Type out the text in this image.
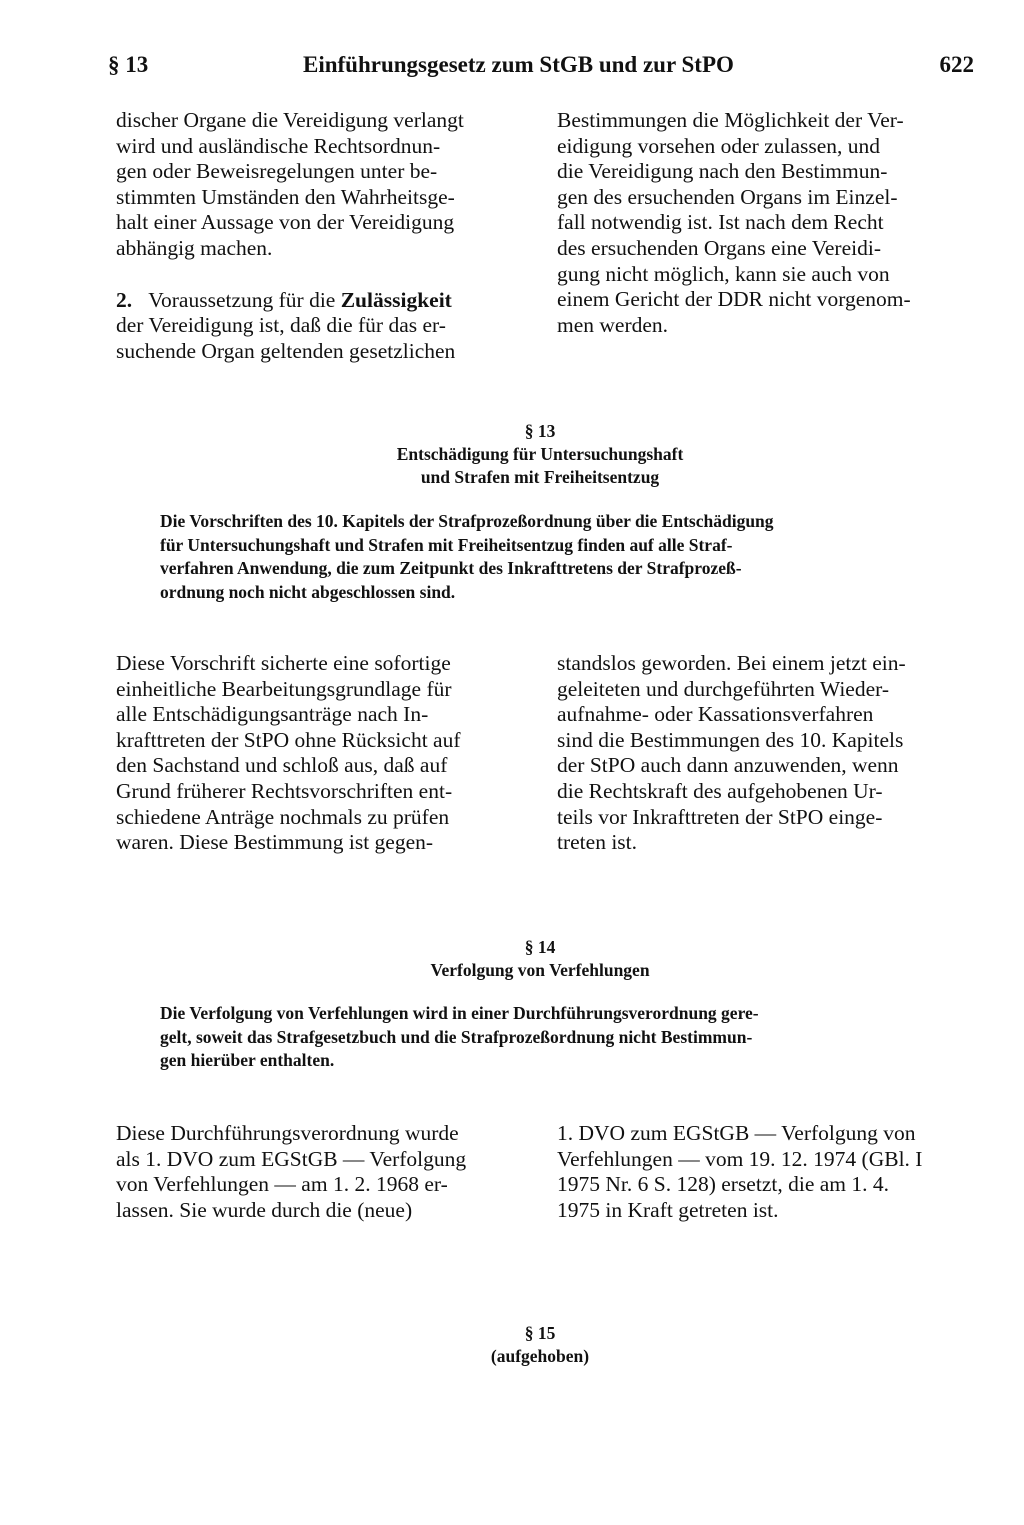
§ 13	Einführungsgesetz zum StGB und zur StPO	622

discher Organe die Vereidigung verlangt
wird und ausländische Rechtsordnun-
gen oder Beweisregelungen unter be-
stimmten Umständen den Wahrheitsge-
halt einer Aussage von der Vereidigung
abhängig machen.

2. Voraussetzung für die Zulässigkeit
der Vereidigung ist, daß die für das er-
suchende Organ geltenden gesetzlichen

Bestimmungen die Möglichkeit der Ver-
eidigung vorsehen oder zulassen, und
die Vereidigung nach den Bestimmun-
gen des ersuchenden Organs im Einzel-
fall notwendig ist. Ist nach dem Recht
des ersuchenden Organs eine Vereidi-
gung nicht möglich, kann sie auch von
einem Gericht der DDR nicht vorgenom-
men werden.

§ 13
Entschädigung für Untersuchungshaft
und Strafen mit Freiheitsentzug
Die Vorschriften des 10. Kapitels der Strafprozeßordnung über die Entschädigung
für Untersuchungshaft und Strafen mit Freiheitsentzug finden auf alle Straf-
verfahren Anwendung, die zum Zeitpunkt des Inkrafttretens der Strafprozeß-
ordnung noch nicht abgeschlossen sind.

Diese Vorschrift sicherte eine sofortige
einheitliche Bearbeitungsgrundlage für
alle Entschädigungsanträge nach In-
krafttreten der StPO ohne Rücksicht auf
den Sachstand und schloß aus, daß auf
Grund früherer Rechtsvorschriften ent-
schiedene Anträge nochmals zu prüfen
waren. Diese Bestimmung ist gegen-

standslos geworden. Bei einem jetzt ein-
geleiteten und durchgeführten Wieder-
aufnahme- oder Kassationsverfahren
sind die Bestimmungen des 10. Kapitels
der StPO auch dann anzuwenden, wenn
die Rechtskraft des aufgehobenen Ur-
teils vor Inkrafttreten der StPO einge-
treten ist.

§ 14
Verfolgung von Verfehlungen
Die Verfolgung von Verfehlungen wird in einer Durchführungsverordnung gere-
gelt, soweit das Strafgesetzbuch und die Strafprozeßordnung nicht Bestimmun-
gen hierüber enthalten.

Diese Durchführungsverordnung wurde
als 1. DVO zum EGStGB — Verfolgung
von Verfehlungen — am 1. 2. 1968 er-
lassen. Sie wurde durch die (neue)

1. DVO zum EGStGB — Verfolgung von
Verfehlungen — vom 19. 12. 1974 (GBl. I
1975 Nr. 6 S. 128) ersetzt, die am 1. 4.
1975 in Kraft getreten ist.

§ 15
(aufgehoben)
